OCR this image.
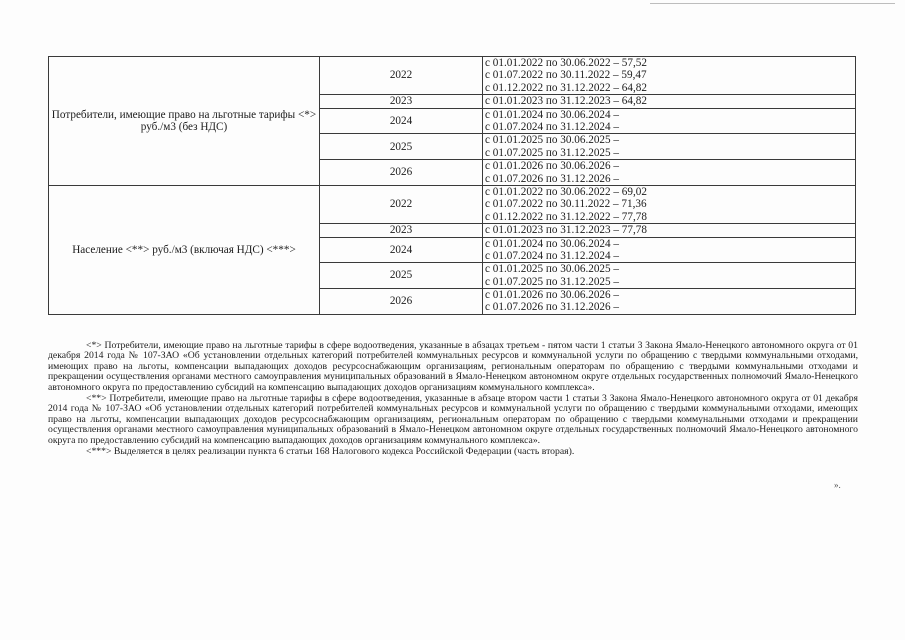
Потребители, имеющие право на льготные тарифы <*> руб./м3 (без НДС)	2022	с 01.01.2022 по 30.06.2022 – 57,52
с 01.07.2022 по 30.11.2022 – 59,47
с 01.12.2022 по 31.12.2022 – 64,82

	2023	с 01.01.2023 по 31.12.2023 – 64,82

	2024	с 01.01.2024 по 30.06.2024 –
с 01.07.2024 по 31.12.2024 –

	2025	с 01.01.2025 по 30.06.2025 –
с 01.07.2025 по 31.12.2025 –

	2026	с 01.01.2026 по 30.06.2026 –
с 01.07.2026 по 31.12.2026 –

Население <**> руб./м3 (включая НДС) <***>	2022	с 01.01.2022 по 30.06.2022 – 69,02
с 01.07.2022 по 30.11.2022 – 71,36
с 01.12.2022 по 31.12.2022 – 77,78

	2023	с 01.01.2023 по 31.12.2023 – 77,78

	2024	с 01.01.2024 по 30.06.2024 –
с 01.07.2024 по 31.12.2024 –

	2025	с 01.01.2025 по 30.06.2025 –
с 01.07.2025 по 31.12.2025 –

	2026	с 01.01.2026 по 30.06.2026 –
с 01.07.2026 по 31.12.2026 –

<*> Потребители, имеющие право на льготные тарифы в сфере водоотведения, указанные в абзацах третьем - пятом части 1 статьи 3 Закона Ямало-Ненецкого автономного округа от 01 декабря 2014 года № 107-ЗАО «Об установлении отдельных категорий потребителей коммунальных ресурсов и коммунальной услуги по обращению с твердыми коммунальными отходами, имеющих право на льготы, компенсации выпадающих доходов ресурсоснабжающим организациям, региональным операторам по обращению с твердыми коммунальными отходами и прекращении осуществления органами местного самоуправления муниципальных образований в Ямало-Ненецком автономном округе отдельных государственных полномочий Ямало-Ненецкого автономного округа по предоставлению субсидий на компенсацию выпадающих доходов организациям коммунального комплекса».

<**> Потребители, имеющие право на льготные тарифы в сфере водоотведения, указанные в абзаце втором части 1 статьи 3 Закона Ямало-Ненецкого автономного округа от 01 декабря 2014 года № 107-ЗАО «Об установлении отдельных категорий потребителей коммунальных ресурсов и коммунальной услуги по обращению с твердыми коммунальными отходами, имеющих право на льготы, компенсации выпадающих доходов ресурсоснабжающим организациям, региональным операторам по обращению с твердыми коммунальными отходами и прекращении осуществления органами местного самоуправления муниципальных образований в Ямало-Ненецком автономном округе отдельных государственных полномочий Ямало-Ненецкого автономного округа по предоставлению субсидий на компенсацию выпадающих доходов организациям коммунального комплекса».

<***> Выделяется в целях реализации пункта 6 статьи 168 Налогового кодекса Российской Федерации (часть вторая).

».
